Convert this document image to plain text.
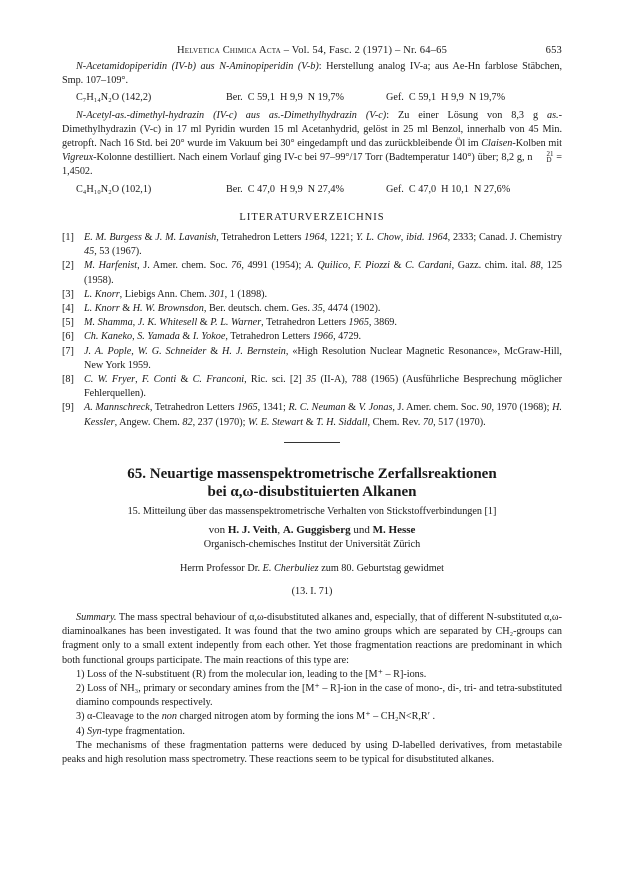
Helvetica Chimica Acta – Vol. 54, Fasc. 2 (1971) – Nr. 64–65	653

N-Acetamidopiperidin (IV-b) aus N-Aminopiperidin (V-b): Herstellung analog IV-a; aus Ae-Hn farblose Stäbchen, Smp. 107–109°.

C₇H₁₄N₂O (142,2)	Ber.  C 59,1  H 9,9  N 19,7%	Gef.  C 59,1  H 9,9  N 19,7%

N-Acetyl-as.-dimethyl-hydrazin (IV-c) aus as.-Dimethylhydrazin (V-c): Zu einer Lösung von 8,3 g as.-Dimethylhydrazin (V-c) in 17 ml Pyridin wurden 15 ml Acetanhydrid, gelöst in 25 ml Benzol, innerhalb von 45 Min. getropft. Nach 16 Std. bei 20° wurde im Vakuum bei 30° eingedampft und das zurückbleibende Öl im Claisen-Kolben mit Vigreux-Kolonne destilliert. Nach einem Vorlauf ging IV-c bei 97–99°/17 Torr (Badtemperatur 140°) über; 8,2 g, n	21
D = 1,4502.

C₄H₁₀N₂O (102,1)	Ber.  C 47,0  H 9,9  N 27,4%	Gef.  C 47,0  H 10,1  N 27,6%
LITERATURVERZEICHNIS
[1] E. M. Burgess & J. M. Lavanish, Tetrahedron Letters 1964, 1221; Y. L. Chow, ibid. 1964, 2333; Canad. J. Chemistry 45, 53 (1967).
[2] M. Harfenist, J. Amer. chem. Soc. 76, 4991 (1954); A. Quilico, F. Piozzi & C. Cardani, Gazz. chim. ital. 88, 125 (1958).
[3] L. Knorr, Liebigs Ann. Chem. 301, 1 (1898).
[4] L. Knorr & H. W. Brownsdon, Ber. deutsch. chem. Ges. 35, 4474 (1902).
[5] M. Shamma, J. K. Whitesell & P. L. Warner, Tetrahedron Letters 1965, 3869.
[6] Ch. Kaneko, S. Yamada & I. Yokoe, Tetrahedron Letters 1966, 4729.
[7] J. A. Pople, W. G. Schneider & H. J. Bernstein, «High Resolution Nuclear Magnetic Resonance», McGraw-Hill, New York 1959.
[8] C. W. Fryer, F. Conti & C. Franconi, Ric. sci. [2] 35 (II-A), 788 (1965) (Ausführliche Besprechung möglicher Fehlerquellen).
[9] A. Mannschreck, Tetrahedron Letters 1965, 1341; R. C. Neuman & V. Jonas, J. Amer. chem. Soc. 90, 1970 (1968); H. Kessler, Angew. Chem. 82, 237 (1970); W. E. Stewart & T. H. Siddall, Chem. Rev. 70, 517 (1970).
65. Neuartige massenspektrometrische Zerfallsreaktionen
bei α,ω-disubstituierten Alkanen
15. Mitteilung über das massenspektrometrische Verhalten von Stickstoffverbindungen [1]
von H. J. Veith, A. Guggisberg und M. Hesse
Organisch-chemisches Institut der Universität Zürich
Herrn Professor Dr. E. Cherbuliez zum 80. Geburtstag gewidmet
(13. I. 71)

Summary. The mass spectral behaviour of α,ω-disubstituted alkanes and, especially, that of different N-substituted α,ω-diaminoalkanes has been investigated. It was found that the two amino groups which are separated by CH₂-groups can fragment only to a small extent indepently from each other. Yet those fragmentation reactions are predominant in which both functional groups participate. The main reactions of this type are:

1) Loss of the N-substituent (R) from the molecular ion, leading to the [M⁺ – R]-ions.

2) Loss of NH₃, primary or secondary amines from the [M⁺ – R]-ion in the case of mono-, di-, tri- and tetra-substituted diamino compounds respectively.

3) α-Cleavage to the non charged nitrogen atom by forming the ions M⁺ – CH₂N<R,R′ .

4) Syn-type fragmentation.

The mechanisms of these fragmentation patterns were deduced by using D-labelled derivatives, from metastabile peaks and high resolution mass spectrometry. These reactions seem to be typical for disubstituted alkanes.
